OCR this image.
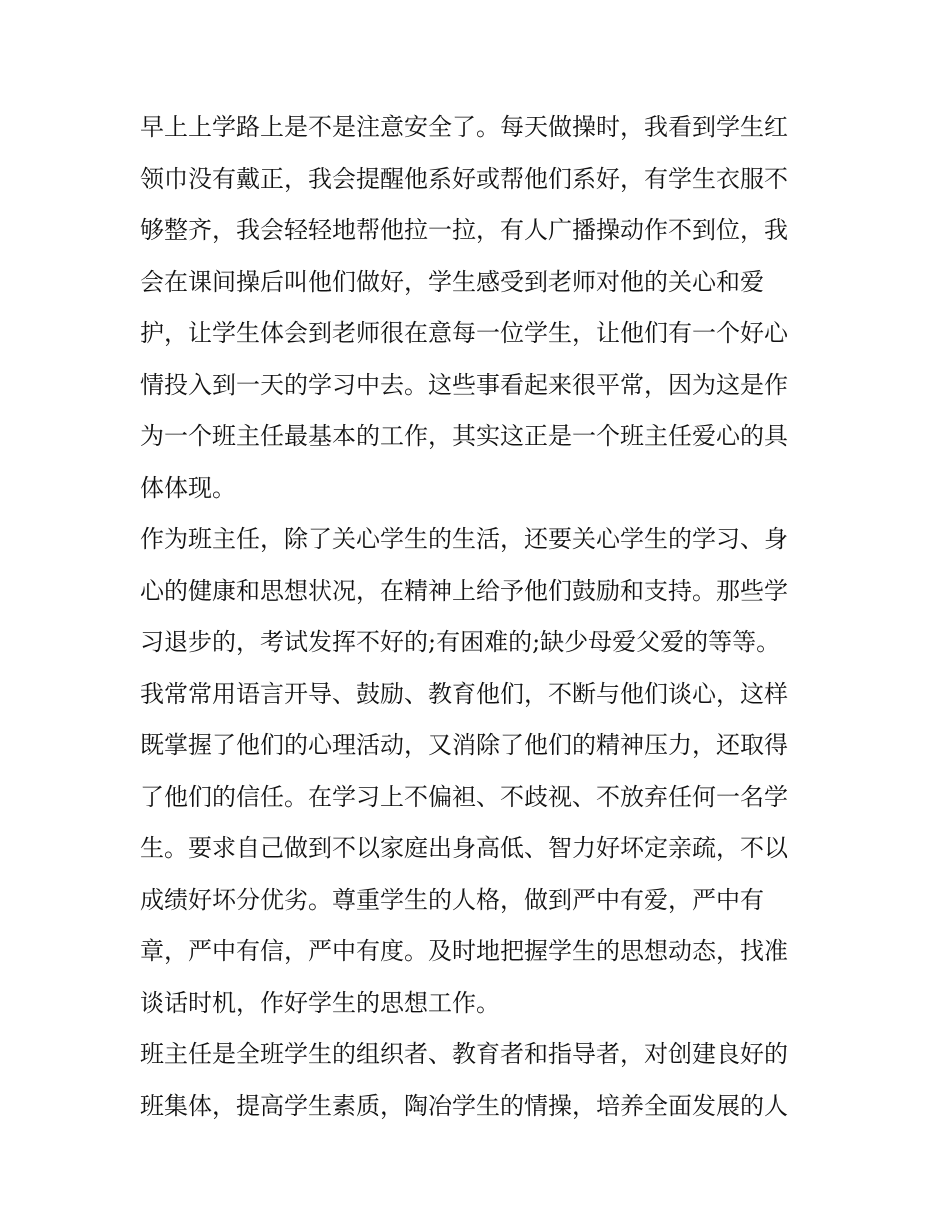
早上上学路上是不是注意安全了。每天做操时，我看到学生红
领巾没有戴正，我会提醒他系好或帮他们系好，有学生衣服不
够整齐，我会轻轻地帮他拉一拉，有人广播操动作不到位，我
会在课间操后叫他们做好，学生感受到老师对他的关心和爱
护，让学生体会到老师很在意每一位学生，让他们有一个好心
情投入到一天的学习中去。这些事看起来很平常，因为这是作
为一个班主任最基本的工作，其实这正是一个班主任爱心的具
体体现。
作为班主任，除了关心学生的生活，还要关心学生的学习、身
心的健康和思想状况，在精神上给予他们鼓励和支持。那些学
习退步的，考试发挥不好的;有困难的;缺少母爱父爱的等等。
我常常用语言开导、鼓励、教育他们，不断与他们谈心，这样
既掌握了他们的心理活动，又消除了他们的精神压力，还取得
了他们的信任。在学习上不偏袒、不歧视、不放弃任何一名学
生。要求自己做到不以家庭出身高低、智力好坏定亲疏，不以
成绩好坏分优劣。尊重学生的人格，做到严中有爱，严中有
章，严中有信，严中有度。及时地把握学生的思想动态，找准
谈话时机，作好学生的思想工作。
班主任是全班学生的组织者、教育者和指导者，对创建良好的
班集体，提高学生素质，陶冶学生的情操，培养全面发展的人
